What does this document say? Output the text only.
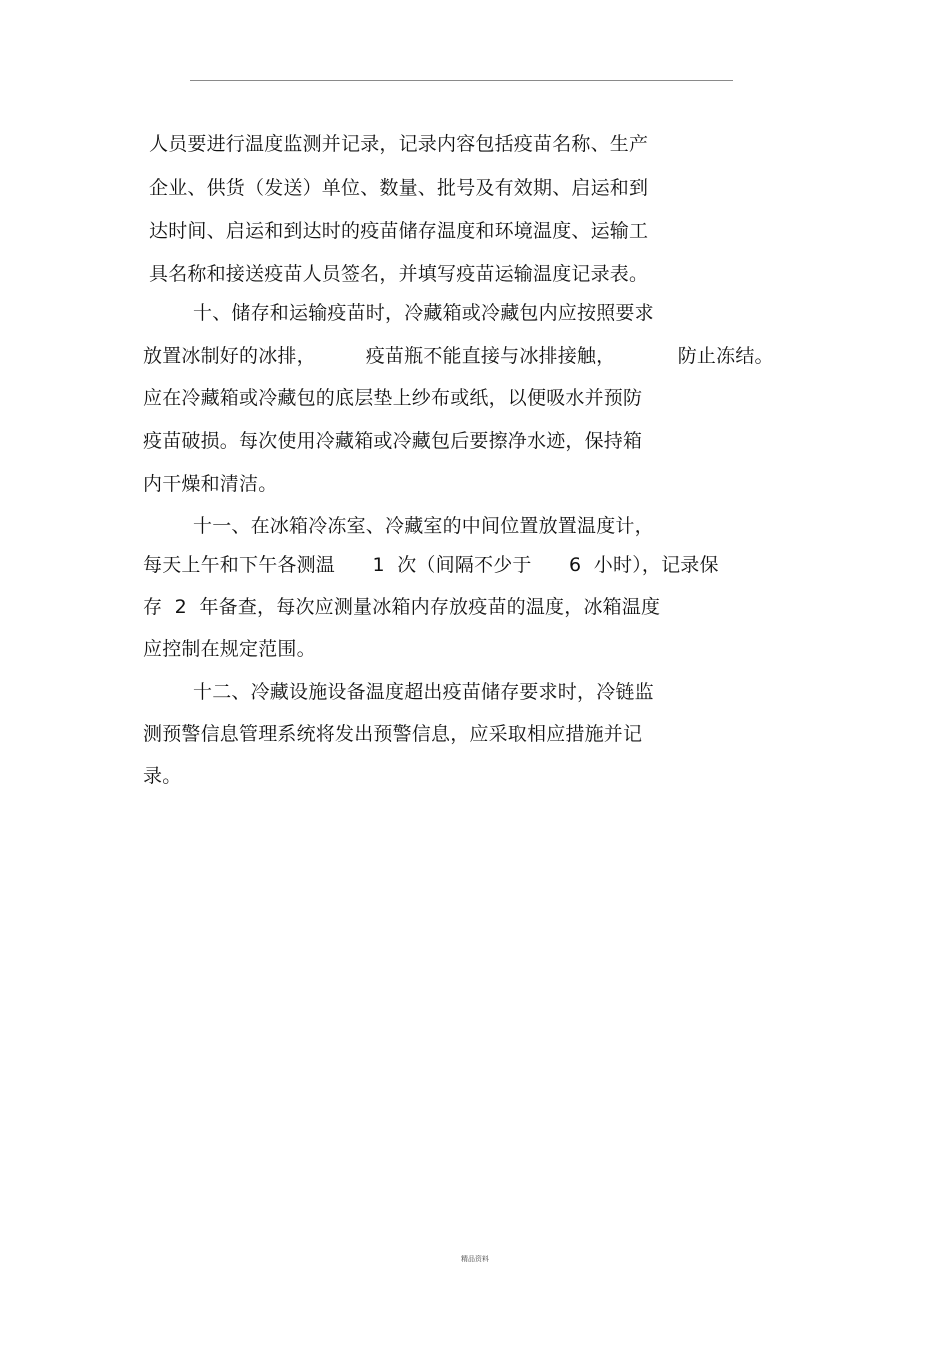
人员要进行温度监测并记录，记录内容包括疫苗名称、生产
企业、供货（发送）单位、数量、批号及有效期、启运和到
达时间、启运和到达时的疫苗储存温度和环境温度、运输工
具名称和接送疫苗人员签名，并填写疫苗运输温度记录表。
十、储存和运输疫苗时，冷藏箱或冷藏包内应按照要求
放置冰制好的冰排，        疫苗瓶不能直接与冰排接触，          防止冻结。
应在冷藏箱或冷藏包的底层垫上纱布或纸，以便吸水并预防
疫苗破损。每次使用冷藏箱或冷藏包后要擦净水迹，保持箱
内干燥和清洁。
十一、在冰箱冷冻室、冷藏室的中间位置放置温度计，
每天上午和下午各测温      1  次（间隔不少于      6  小时），记录保
存  2  年备查，每次应测量冰箱内存放疫苗的温度，冰箱温度
应控制在规定范围。
十二、冷藏设施设备温度超出疫苗储存要求时，冷链监
测预警信息管理系统将发出预警信息，应采取相应措施并记
录。
精品资料
